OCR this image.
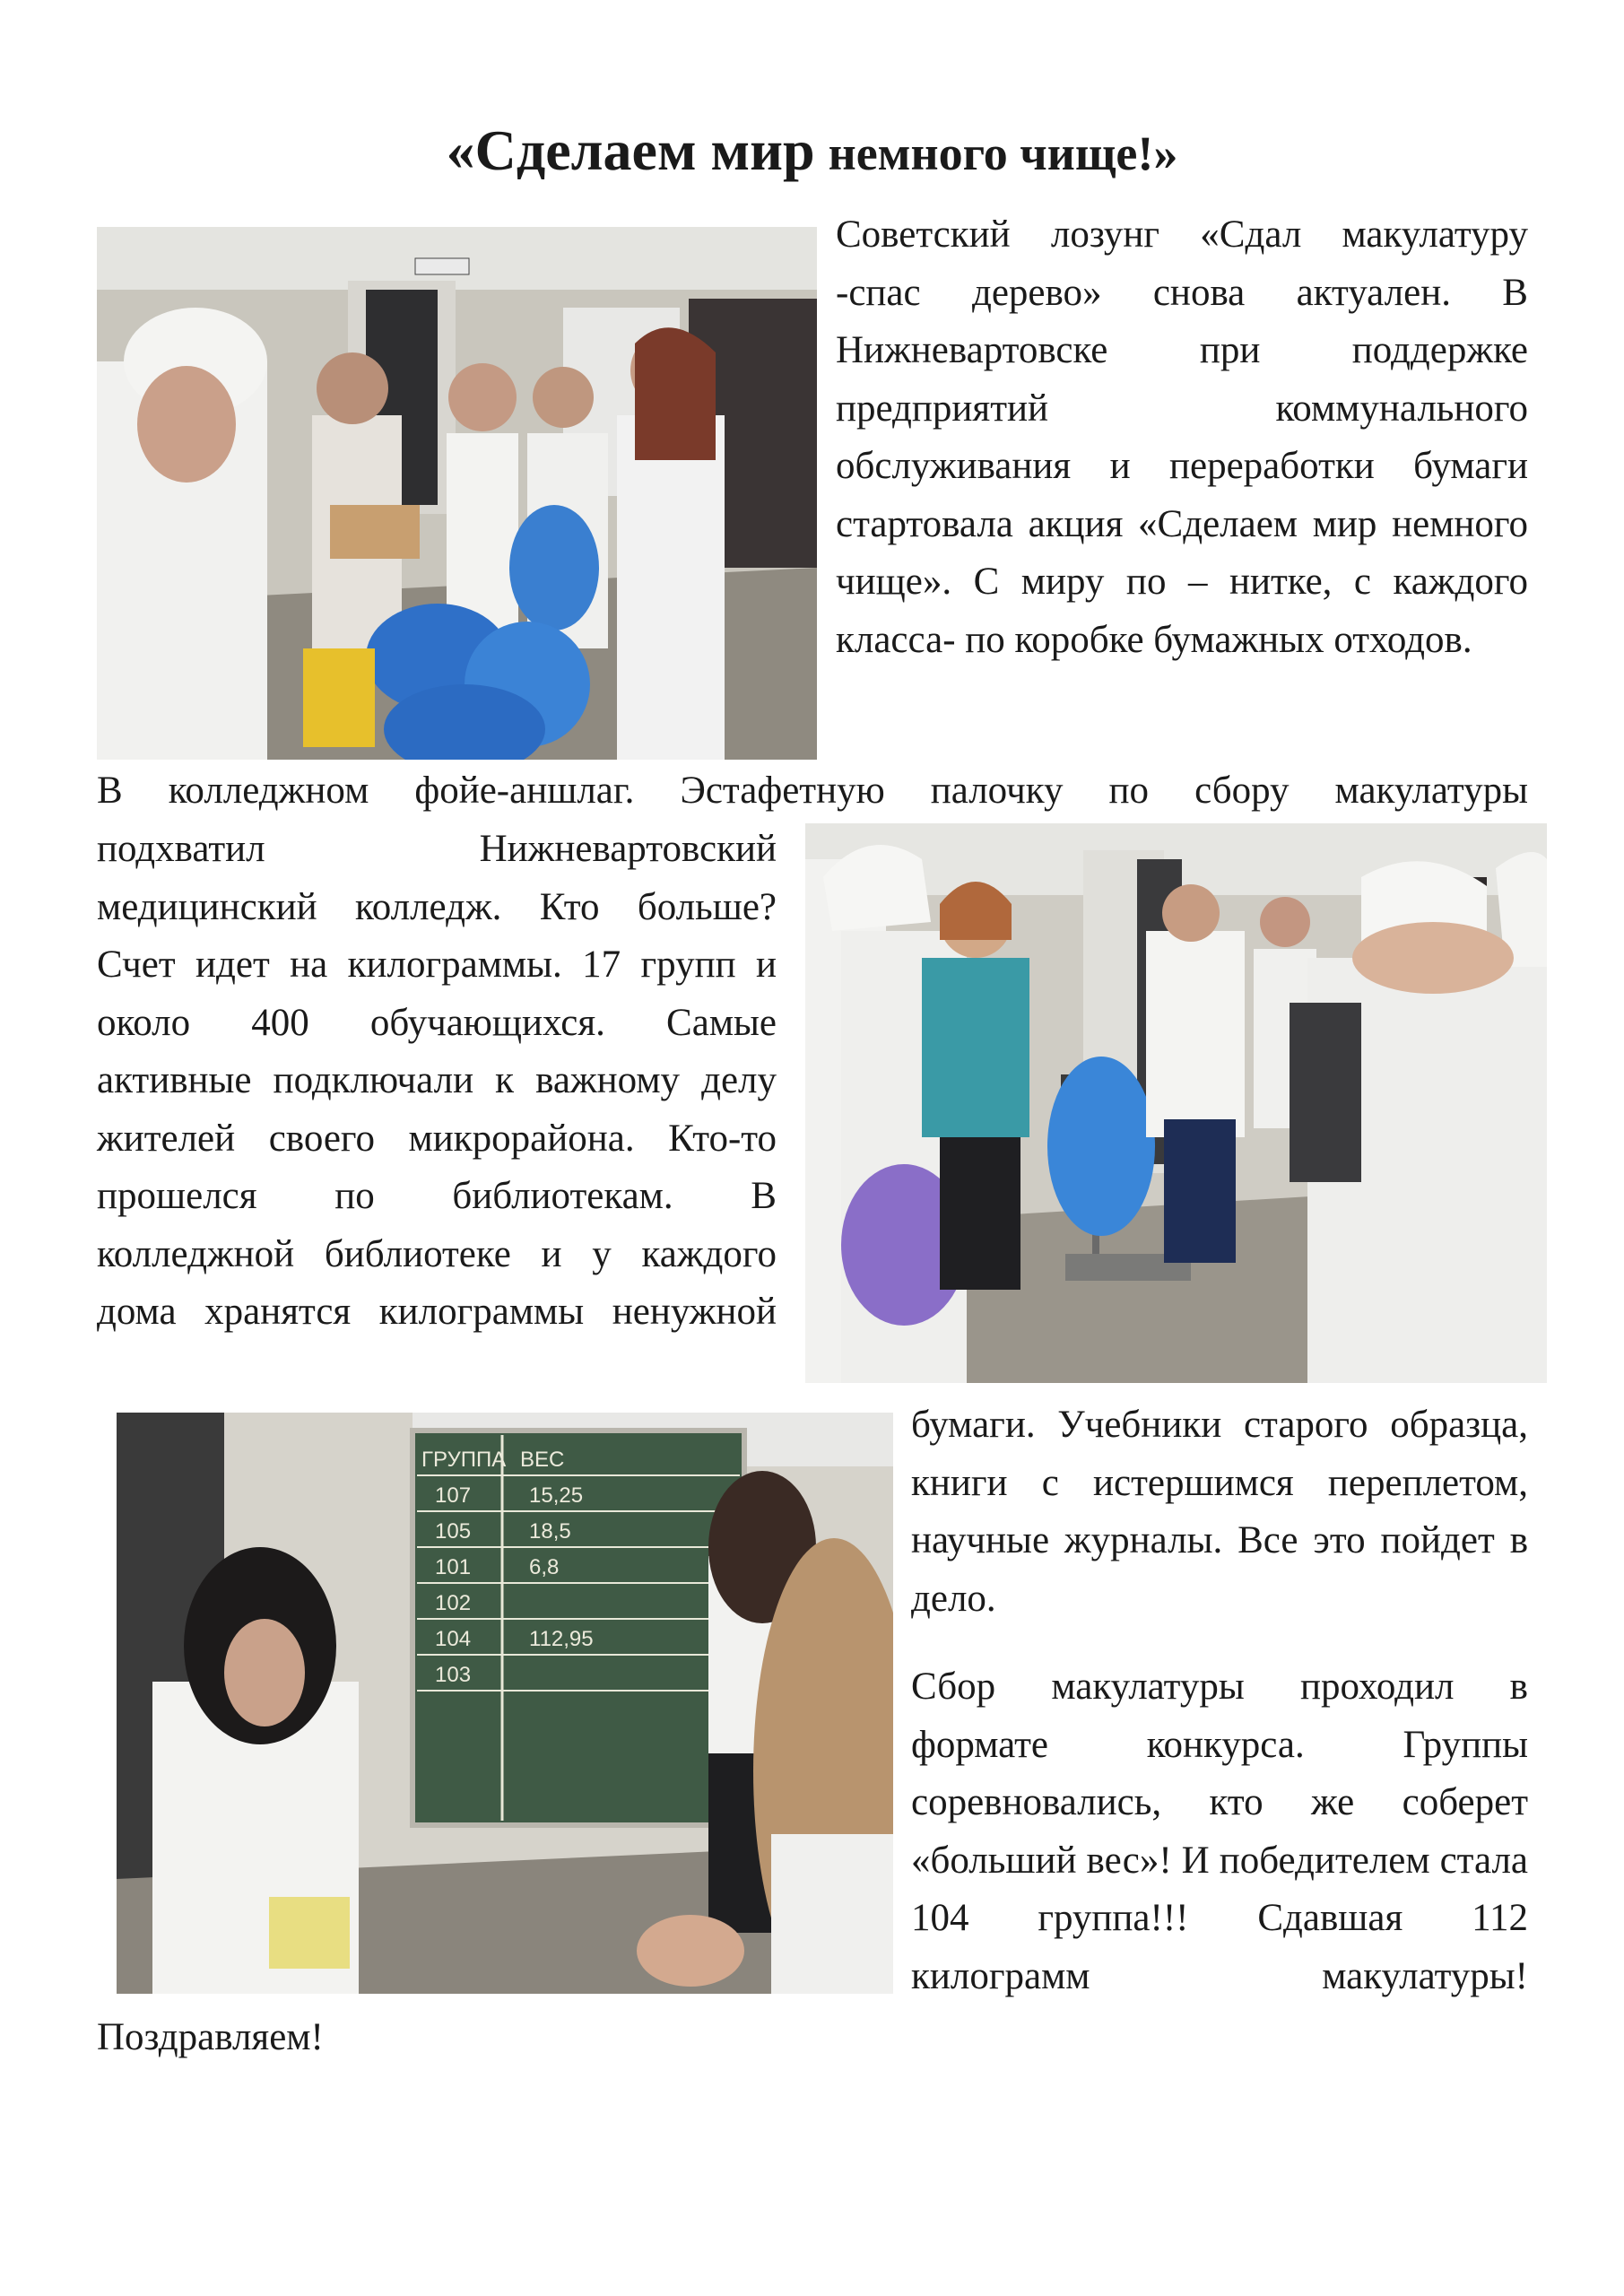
«Сделаем мир немного чище!»
ГРУППА ВЕС
107	15,25
105	18,5
101	6,8
102
104	112,95
103
Советский лозунг «Сдал макулатуру -спас дерево» снова актуален. В Нижневартовске при поддержке предприятий коммунального обслуживания и переработки бумаги стартовала акция «Сделаем мир немного чище». С миру по – нитке, с каждого класса- по коробке бумажных отходов.
В колледжном фойе-аншлаг. Эстафетную палочку по сбору макулатуры
подхватил Нижневартовский медицинский колледж. Кто больше? Счет идет на килограммы. 17 групп и около 400 обучающихся. Самые активные подключали к важному делу жителей своего микрорайона. Кто-то прошелся по библиотекам. В колледжной библиотеке и у каждого дома хранятся килограммы ненужной
бумаги. Учебники старого образца, книги с истершимся переплетом, научные журналы. Все это пойдет в дело.
Сбор макулатуры проходил в формате конкурса. Группы соревновались, кто же соберет «больший вес»! И победителем стала 104 группа!!! Сдавшая 112 килограмм макулатуры!
Поздравляем!
